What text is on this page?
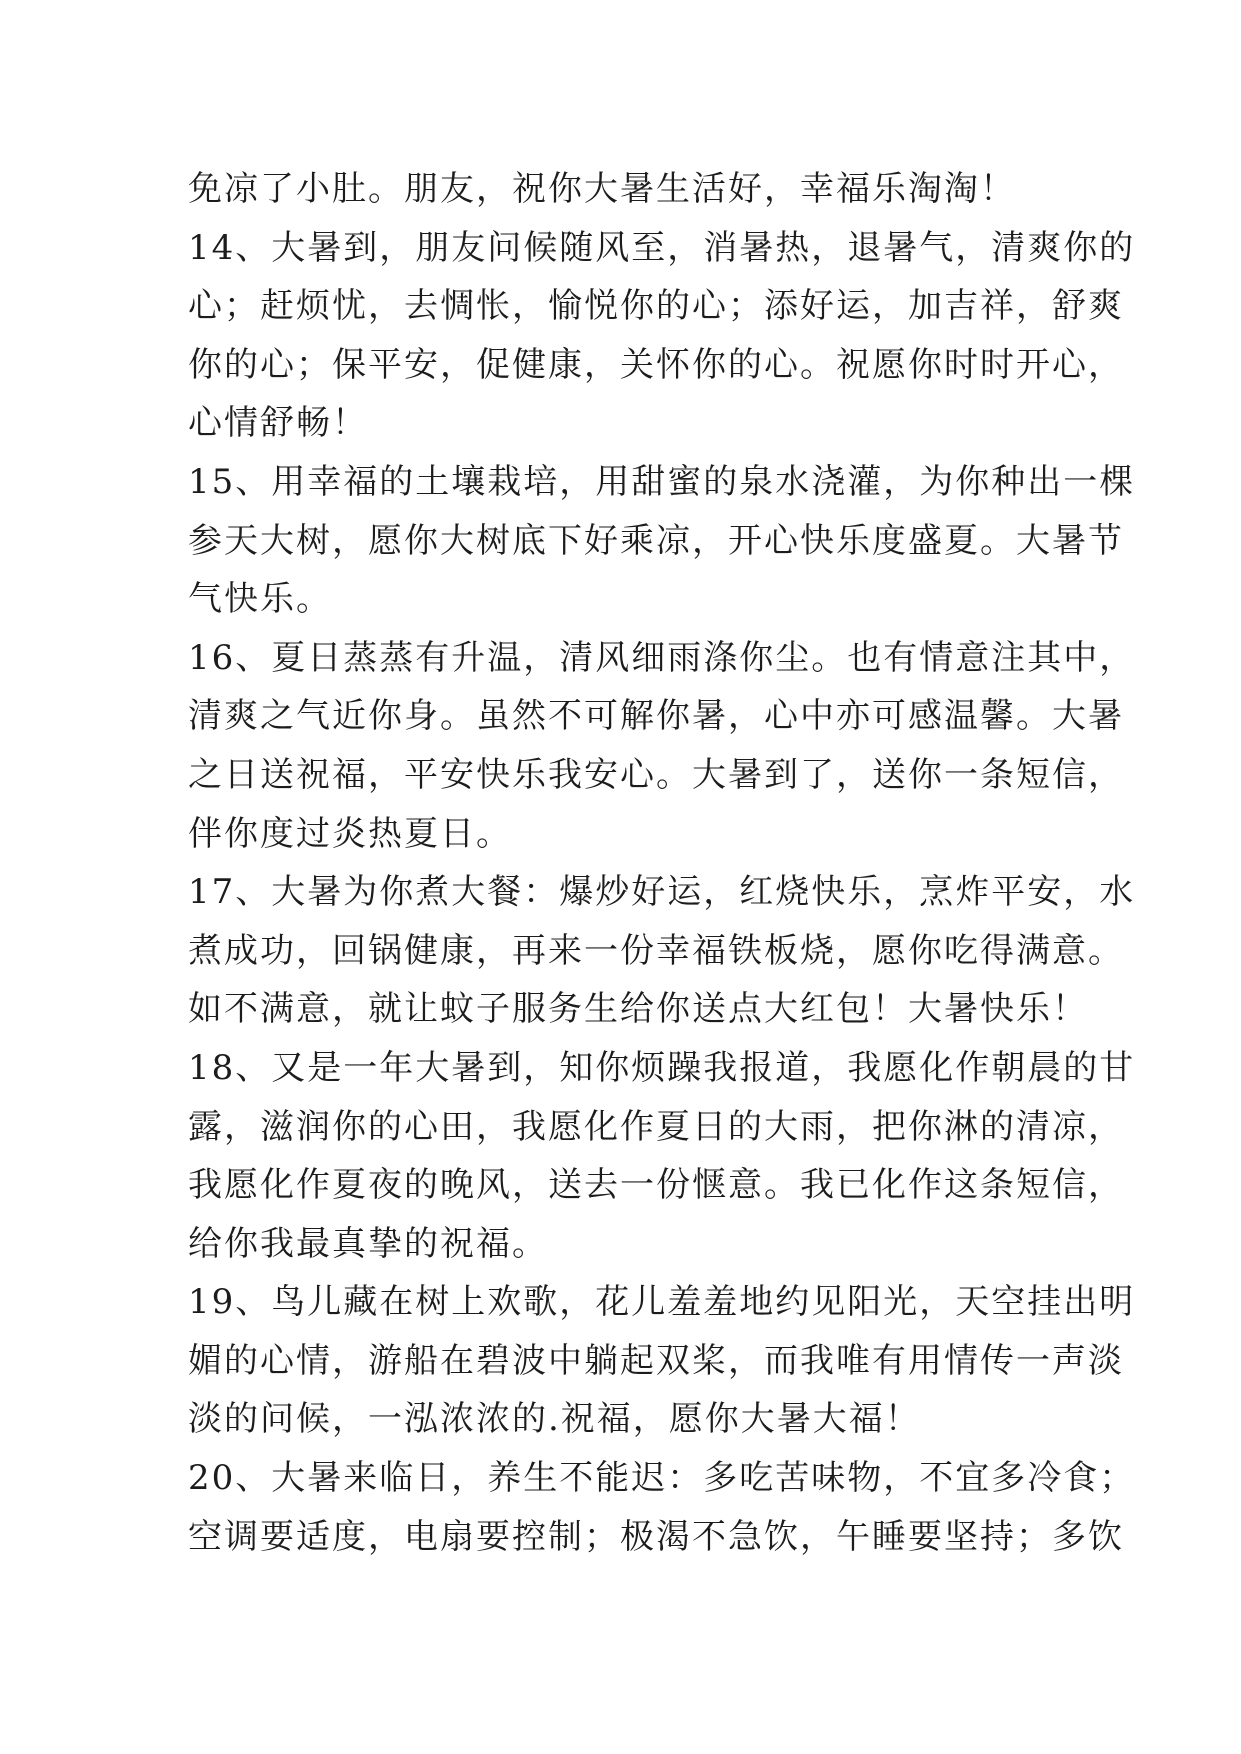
免凉了小肚。朋友，祝你大暑生活好，幸福乐淘淘！
14、大暑到，朋友问候随风至，消暑热，退暑气，清爽你的
心；赶烦忧，去惆怅，愉悦你的心；添好运，加吉祥，舒爽
你的心；保平安，促健康，关怀你的心。祝愿你时时开心，
心情舒畅！
15、用幸福的土壤栽培，用甜蜜的泉水浇灌，为你种出一棵
参天大树，愿你大树底下好乘凉，开心快乐度盛夏。大暑节
气快乐。
16、夏日蒸蒸有升温，清风细雨涤你尘。也有情意注其中，
清爽之气近你身。虽然不可解你暑，心中亦可感温馨。大暑
之日送祝福，平安快乐我安心。大暑到了，送你一条短信，
伴你度过炎热夏日。
17、大暑为你煮大餐：爆炒好运，红烧快乐，烹炸平安，水
煮成功，回锅健康，再来一份幸福铁板烧，愿你吃得满意。
如不满意，就让蚊子服务生给你送点大红包！大暑快乐！
18、又是一年大暑到，知你烦躁我报道，我愿化作朝晨的甘
露，滋润你的心田，我愿化作夏日的大雨，把你淋的清凉，
我愿化作夏夜的晚风，送去一份惬意。我已化作这条短信，
给你我最真挚的祝福。
19、鸟儿藏在树上欢歌，花儿羞羞地约见阳光，天空挂出明
媚的心情，游船在碧波中躺起双桨，而我唯有用情传一声淡
淡的问候，一泓浓浓的.祝福，愿你大暑大福！
20、大暑来临日，养生不能迟：多吃苦味物，不宜多冷食；
空调要适度，电扇要控制；极渴不急饮，午睡要坚持；多饮
